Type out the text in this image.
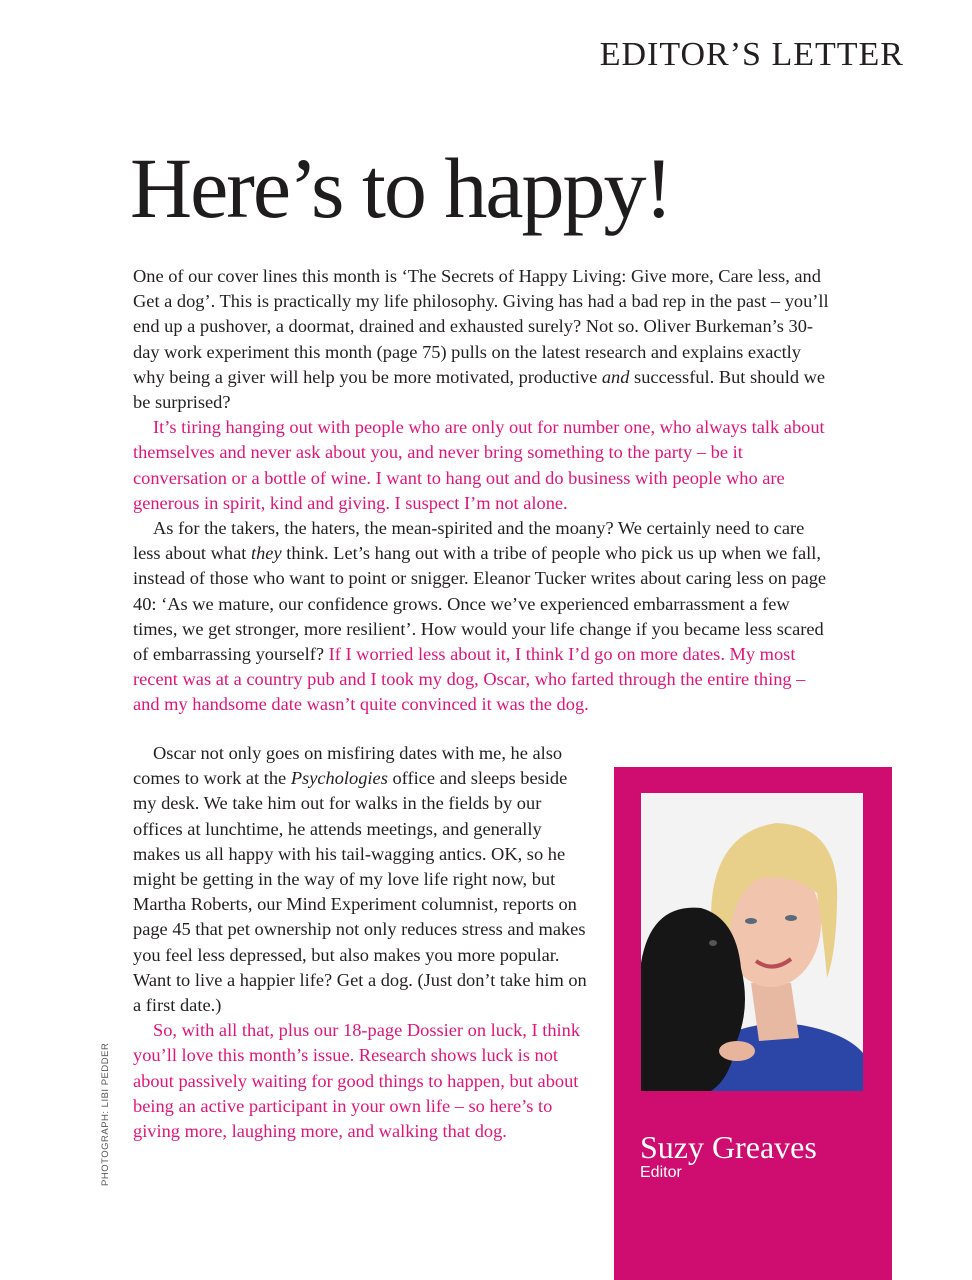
EDITOR’S LETTER
Here’s to happy!

One of our cover lines this month is ‘The Secrets of Happy Living: Give more, Care less, and Get a dog’. This is practically my life philosophy. Giving has had a bad rep in the past – you’ll end up a pushover, a doormat, drained and exhausted surely? Not so. Oliver Burkeman’s 30-day work experiment this month (page 75) pulls on the latest research and explains exactly why being a giver will help you be more motivated, productive and successful. But should we be surprised?

It’s tiring hanging out with people who are only out for number one, who always talk about themselves and never ask about you, and never bring something to the party – be it conversation or a bottle of wine. I want to hang out and do business with people who are generous in spirit, kind and giving. I suspect I’m not alone.

As for the takers, the haters, the mean-spirited and the moany? We certainly need to care less about what they think. Let’s hang out with a tribe of people who pick us up when we fall, instead of those who want to point or snigger. Eleanor Tucker writes about caring less on page 40: ‘As we mature, our confidence grows. Once we’ve experienced embarrassment a few times, we get stronger, more resilient’. How would your life change if you became less scared of embarrassing yourself? If I worried less about it, I think I’d go on more dates. My most recent was at a country pub and I took my dog, Oscar, who farted through the entire thing – and my handsome date wasn’t quite convinced it was the dog.

Oscar not only goes on misfiring dates with me, he also comes to work at the Psychologies office and sleeps beside my desk. We take him out for walks in the fields by our offices at lunchtime, he attends meetings, and generally makes us all happy with his tail-wagging antics. OK, so he might be getting in the way of my love life right now, but Martha Roberts, our Mind Experiment columnist, reports on page 45 that pet ownership not only reduces stress and makes you feel less depressed, but also makes you more popular. Want to live a happier life? Get a dog. (Just don’t take him on a first date.)

So, with all that, plus our 18-page Dossier on luck, I think you’ll love this month’s issue. Research shows luck is not about passively waiting for good things to happen, but about being an active participant in your own life – so here’s to giving more, laughing more, and walking that dog.

PHOTOGRAPH: LIBI PEDDER	Suzy Greaves
Editor
